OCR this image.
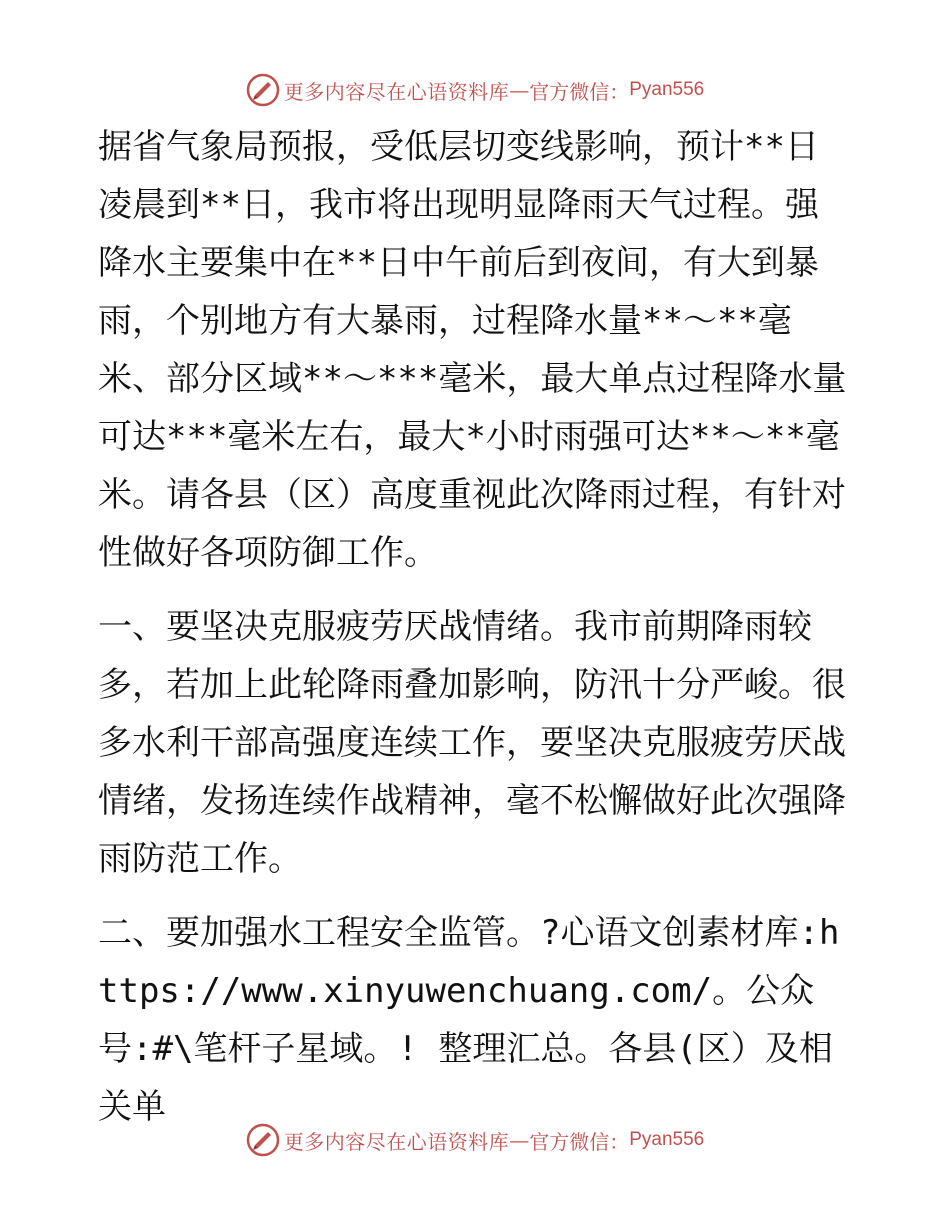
更多内容尽在心语资料库 — 官方微信： Pyan556

据省气象局预报，受低层切变线影响，预计**日凌晨到**日，我市将出现明显降雨天气过程。强降水主要集中在**日中午前后到夜间，有大到暴雨，个别地方有大暴雨，过程降水量**～**毫米、部分区域**～***毫米，最大单点过程降水量可达***毫米左右，最大*小时雨强可达**～**毫米。请各县（区）高度重视此次降雨过程，有针对性做好各项防御工作。

一、要坚决克服疲劳厌战情绪。我市前期降雨较多，若加上此轮降雨叠加影响，防汛十分严峻。很多水利干部高强度连续工作，要坚决克服疲劳厌战情绪，发扬连续作战精神，毫不松懈做好此次强降雨防范工作。

二、要加强水工程安全监管。?心语文创素材库:https://www.xinyuwenchuang.com/。公众号:#\笔杆子星域。! 整理汇总。各县(区）及相关单

更多内容尽在心语资料库 — 官方微信： Pyan556
